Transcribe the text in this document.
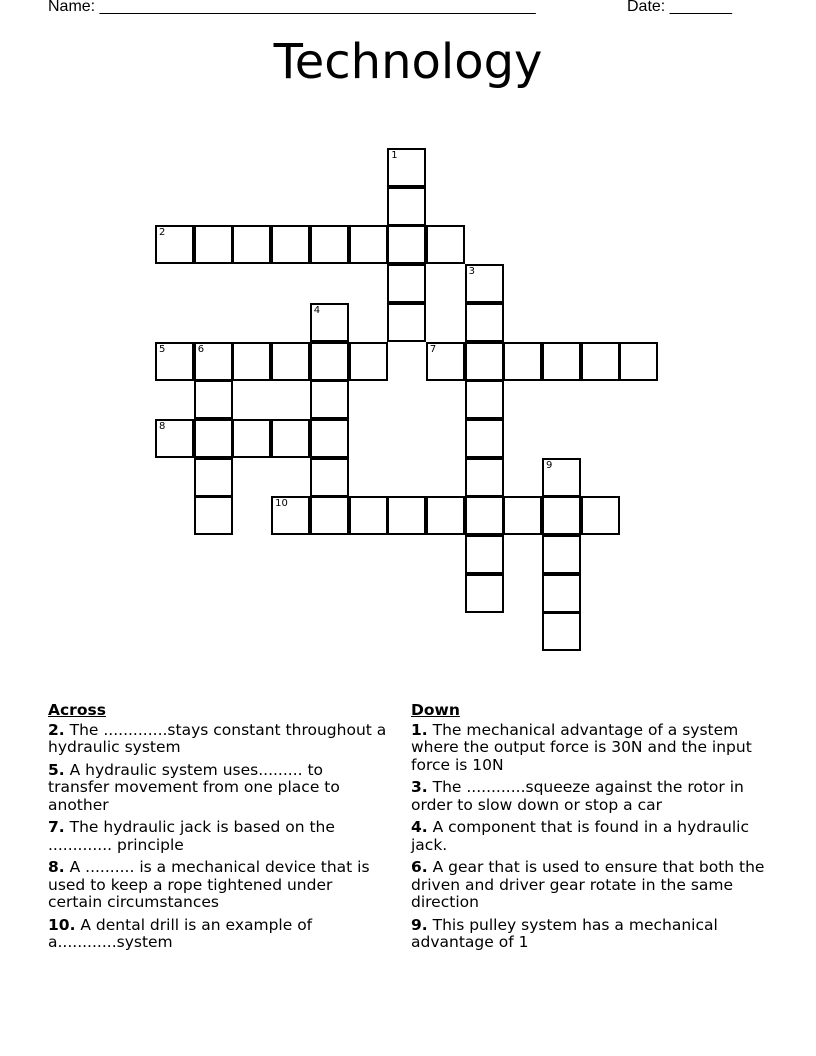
Name: _________________________________________________	Date: _______
Technology
1
2
3
4
5	6	7
8
9
10
Across
2. The .............stays constant throughout a hydraulic system
5. A hydraulic system uses......... to transfer movement from one place to another
7. The hydraulic jack is based on the ............. principle
8. A .......... is a mechanical device that is used to keep a rope tightened under certain circumstances
10. A dental drill is an example of a............system
Down
1. The mechanical advantage of a system where the output force is 30N and the input force is 10N
3. The ............squeeze against the rotor in order to slow down or stop a car
4. A component that is found in a hydraulic jack.
6. A gear that is used to ensure that both the driven and driver gear rotate in the same direction
9. This pulley system has a mechanical advantage of 1
